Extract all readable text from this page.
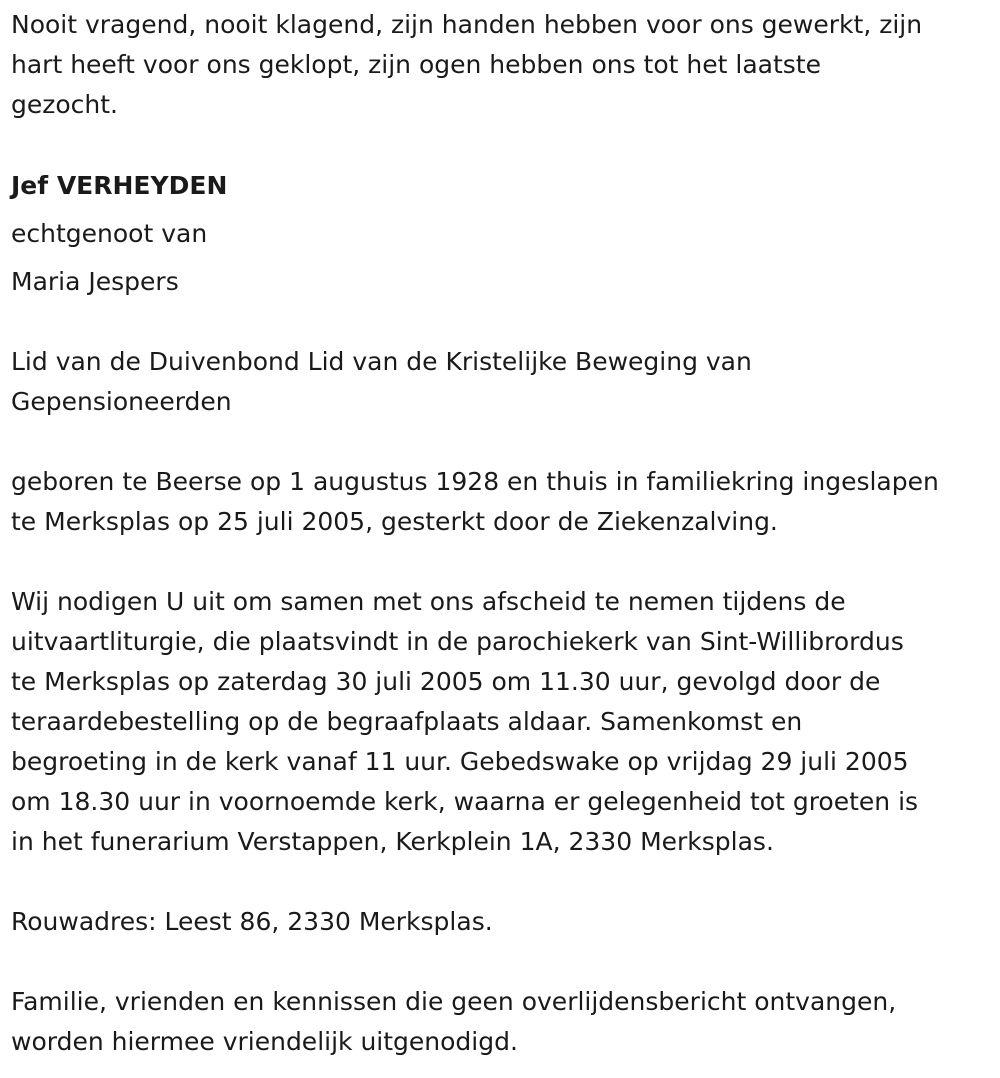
Nooit vragend, nooit klagend, zijn handen hebben voor ons gewerkt, zijn
hart heeft voor ons geklopt, zijn ogen hebben ons tot het laatste
gezocht.

Jef VERHEYDEN

echtgenoot van

Maria Jespers

Lid van de Duivenbond Lid van de Kristelijke Beweging van
Gepensioneerden

geboren te Beerse op 1 augustus 1928 en thuis in familiekring ingeslapen
te Merksplas op 25 juli 2005, gesterkt door de Ziekenzalving.

Wij nodigen U uit om samen met ons afscheid te nemen tijdens de
uitvaartliturgie, die plaatsvindt in de parochiekerk van Sint-Willibrordus
te Merksplas op zaterdag 30 juli 2005 om 11.30 uur, gevolgd door de
teraardebestelling op de begraafplaats aldaar. Samenkomst en
begroeting in de kerk vanaf 11 uur. Gebedswake op vrijdag 29 juli 2005
om 18.30 uur in voornoemde kerk, waarna er gelegenheid tot groeten is
in het funerarium Verstappen, Kerkplein 1A, 2330 Merksplas.

Rouwadres: Leest 86, 2330 Merksplas.

Familie, vrienden en kennissen die geen overlijdensbericht ontvangen,
worden hiermee vriendelijk uitgenodigd.
